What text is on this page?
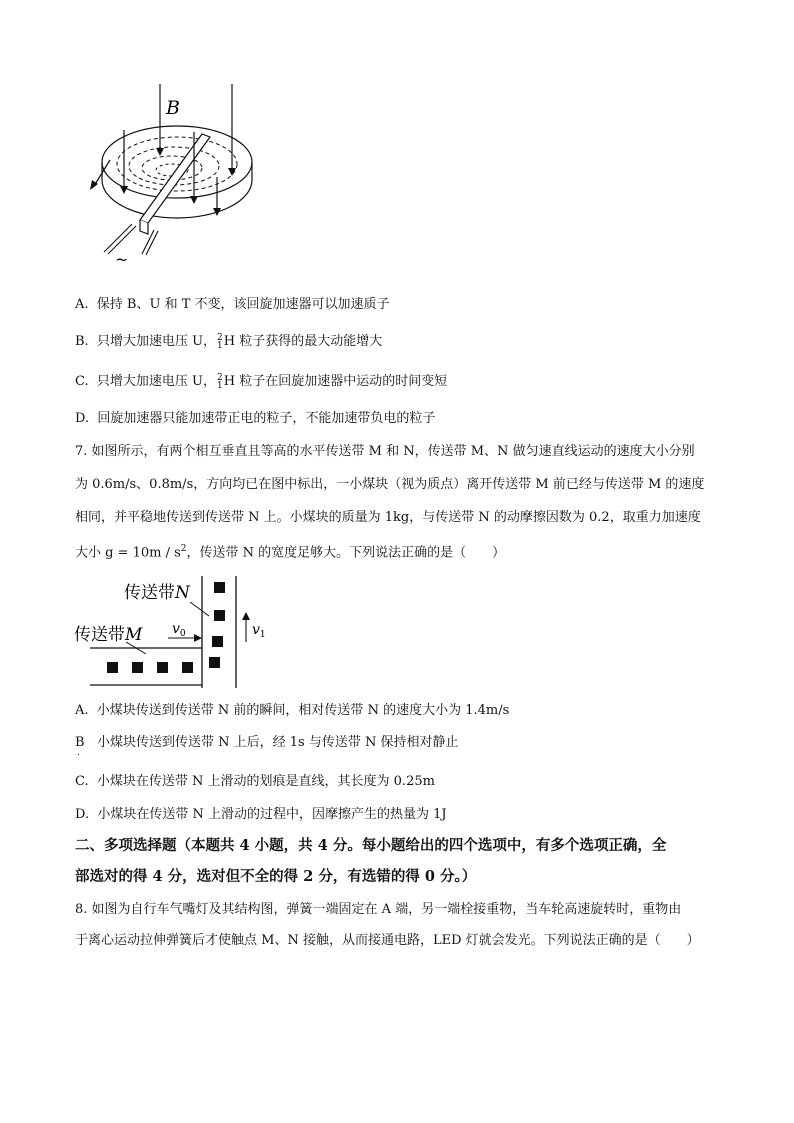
B
~
A. 保持 B、U 和 T 不变，该回旋加速器可以加速质子
B. 只增大加速电压 U，2
1H 粒子获得的最大动能增大
C. 只增大加速电压 U，2
1H 粒子在回旋加速器中运动的时间变短
D. 回旋加速器只能加速带正电的粒子，不能加速带负电的粒子
7. 如图所示，有两个相互垂直且等高的水平传送带 M 和 N，传送带 M、N 做匀速直线运动的速度大小分别
为 0.6m/s、0.8m/s，方向均已在图中标出，一小煤块（视为质点）离开传送带 M 前已经与传送带 M 的速度
相同，并平稳地传送到传送带 N 上。小煤块的质量为 1kg，与传送带 N 的动摩擦因数为 0.2，取重力加速度
大小 $g = 10m / s^2$，传送带 N 的宽度足够大。下列说法正确的是（　　）
传送带N
传送带M $v_0$	$v_1$
A. 小煤块传送到传送带 N 前的瞬间，相对传送带 N 的速度大小为 1.4m/s
B 小煤块传送到传送带 N 上后，经 1s 与传送带 N 保持相对静止
.
C. 小煤块在传送带 N 上滑动的划痕是直线，其长度为 0.25m
D. 小煤块在传送带 N 上滑动的过程中，因摩擦产生的热量为 1J
二、多项选择题（本题共 4 小题，共 4 分。每小题给出的四个选项中，有多个选项正确，全
部选对的得 4 分，选对但不全的得 2 分，有选错的得 0 分。）
8. 如图为自行车气嘴灯及其结构图，弹簧一端固定在 A 端，另一端栓接重物，当车轮高速旋转时，重物由
于离心运动拉伸弹簧后才使触点 M、N 接触，从而接通电路，LED 灯就会发光。下列说法正确的是（　　）
